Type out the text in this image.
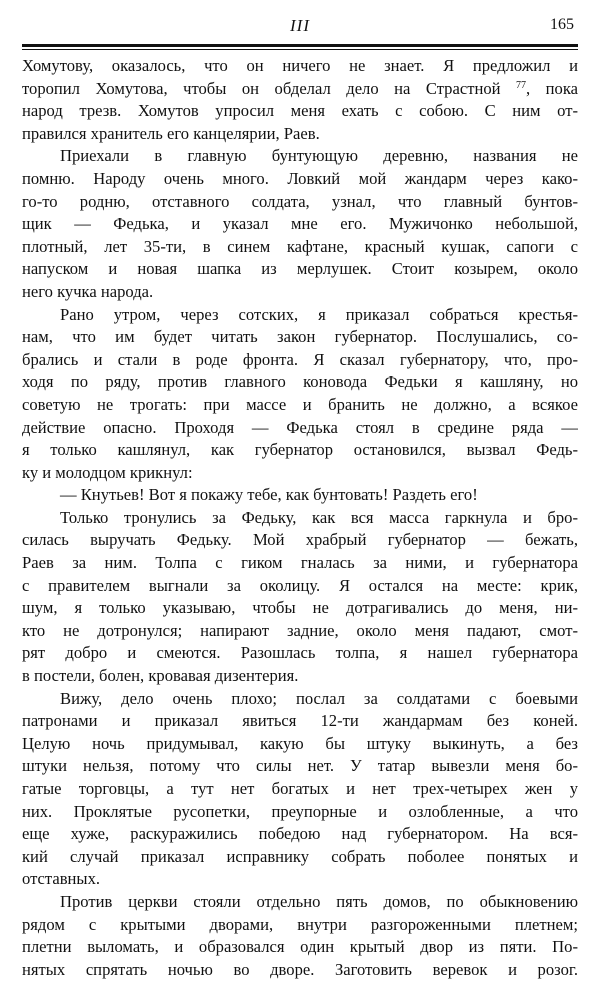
III	165

Хомутову, оказалось, что он ничего не знает. Я предложил и
торопил Хомутова, чтобы он обделал дело на Страстной $^{77}$, пока
народ трезв. Хомутов упросил меня ехать с собою. С ним от-
правился хранитель его канцелярии, Раев.

Приехали в главную бунтующую деревню, названия не
помню. Народу очень много. Ловкий мой жандарм через како-
го-то родню, отставного солдата, узнал, что главный бунтов-
щик — Федька, и указал мне его. Мужичонко небольшой,
плотный, лет 35-ти, в синем кафтане, красный кушак, сапоги с
напуском и новая шапка из мерлушек. Стоит козырем, около
него кучка народа.

Рано утром, через сотских, я приказал собраться крестья-
нам, что им будет читать закон губернатор. Послушались, со-
брались и стали в роде фронта. Я сказал губернатору, что, про-
ходя по ряду, против главного коновода Федьки я кашляну, но
советую не трогать: при массе и бранить не должно, а всякое
действие опасно. Проходя — Федька стоял в средине ряда —
я только кашлянул, как губернатор остановился, вызвал Федь-
ку и молодцом крикнул:

— Кнутьев! Вот я покажу тебе, как бунтовать! Раздеть его!

Только тронулись за Федьку, как вся масса гаркнула и бро-
силась выручать Федьку. Мой храбрый губернатор — бежать,
Раев за ним. Толпа с гиком гналась за ними, и губернатора
с правителем выгнали за околицу. Я остался на месте: крик,
шум, я только указываю, чтобы не дотрагивались до меня, ни-
кто не дотронулся; напирают задние, около меня падают, смот-
рят добро и смеются. Разошлась толпа, я нашел губернатора
в постели, болен, кровавая дизентерия.

Вижу, дело очень плохо; послал за солдатами с боевыми
патронами и приказал явиться 12-ти жандармам без коней.
Целую ночь придумывал, какую бы штуку выкинуть, а без
штуки нельзя, потому что силы нет. У татар вывезли меня бо-
гатые торговцы, а тут нет богатых и нет трех-четырех жен у
них. Проклятые русопетки, преупорные и озлобленные, а что
еще хуже, раскуражились победою над губернатором. На вся-
кий случай приказал исправнику собрать поболее понятых и
отставных.

Против церкви стояли отдельно пять домов, по обыкновению
рядом с крытыми дворами, внутри разгороженными плетнем;
плетни выломать, и образовался один крытый двор из пяти. По-
нятых спрятать ночью во дворе. Заготовить веревок и розог.
